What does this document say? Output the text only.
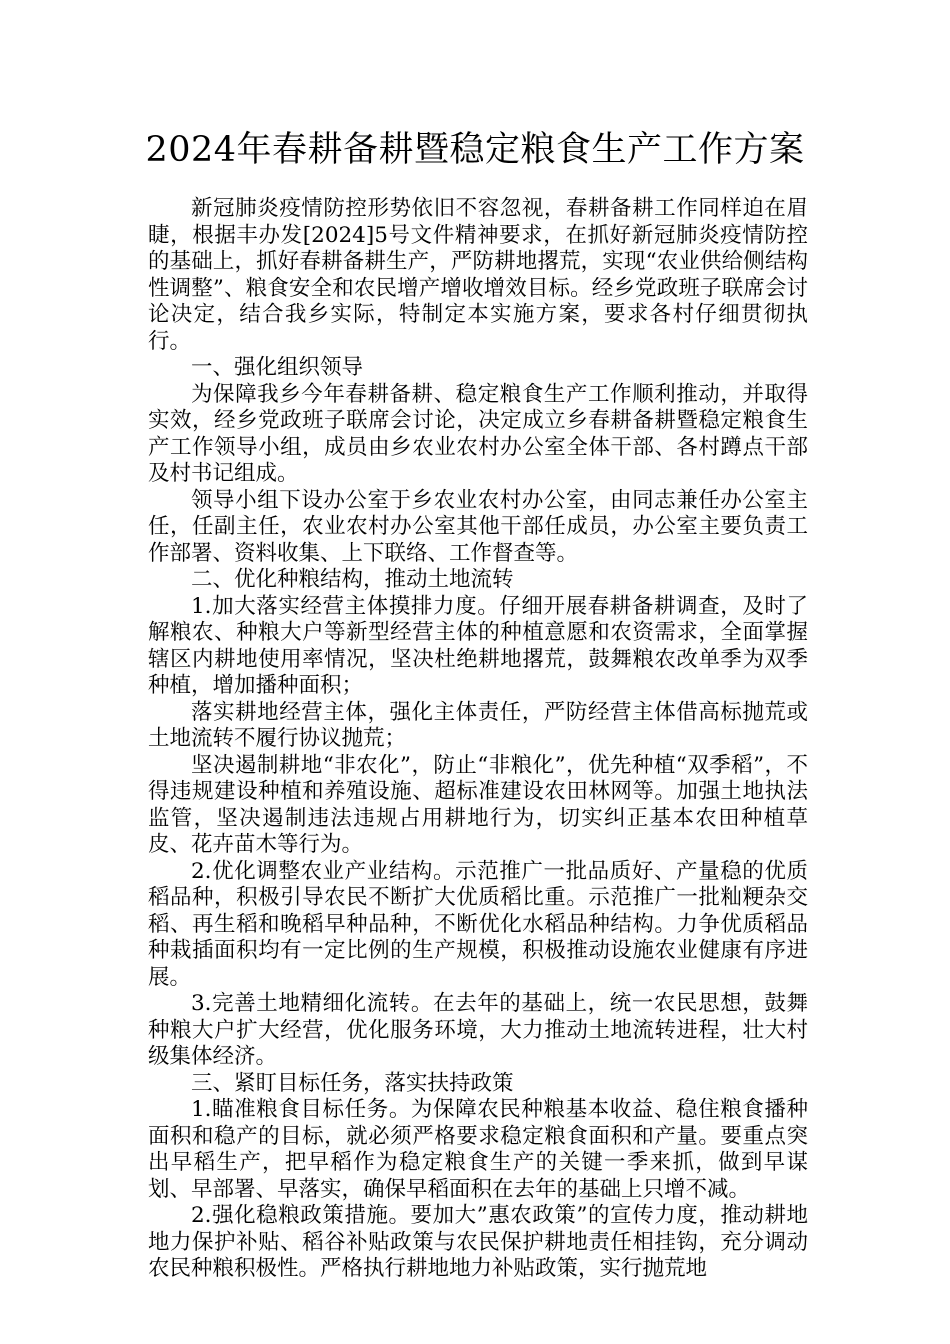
2024年春耕备耕暨稳定粮食生产工作方案

新冠肺炎疫情防控形势依旧不容忽视，春耕备耕工作同样迫在眉睫，根据丰办发[2024]5号文件精神要求，在抓好新冠肺炎疫情防控的基础上，抓好春耕备耕生产，严防耕地撂荒，实现“农业供给侧结构性调整”、粮食安全和农民增产增收增效目标。经乡党政班子联席会讨论决定，结合我乡实际，特制定本实施方案，要求各村仔细贯彻执行。

一、强化组织领导

为保障我乡今年春耕备耕、稳定粮食生产工作顺利推动，并取得实效，经乡党政班子联席会讨论，决定成立乡春耕备耕暨稳定粮食生产工作领导小组，成员由乡农业农村办公室全体干部、各村蹲点干部及村书记组成。

领导小组下设办公室于乡农业农村办公室，由同志兼任办公室主任，任副主任，农业农村办公室其他干部任成员，办公室主要负责工作部署、资料收集、上下联络、工作督查等。

二、优化种粮结构，推动土地流转

1.加大落实经营主体摸排力度。仔细开展春耕备耕调查，及时了解粮农、种粮大户等新型经营主体的种植意愿和农资需求，全面掌握辖区内耕地使用率情况，坚决杜绝耕地撂荒，鼓舞粮农改单季为双季种植，增加播种面积；

落实耕地经营主体，强化主体责任，严防经营主体借高标抛荒或土地流转不履行协议抛荒；

坚决遏制耕地“非农化”，防止“非粮化”，优先种植“双季稻”，不得违规建设种植和养殖设施、超标准建设农田林网等。加强土地执法监管，坚决遏制违法违规占用耕地行为，切实纠正基本农田种植草皮、花卉苗木等行为。

2.优化调整农业产业结构。示范推广一批品质好、产量稳的优质稻品种，积极引导农民不断扩大优质稻比重。示范推广一批籼粳杂交稻、再生稻和晚稻早种品种，不断优化水稻品种结构。力争优质稻品种栽插面积均有一定比例的生产规模，积极推动设施农业健康有序进展。

3.完善土地精细化流转。在去年的基础上，统一农民思想，鼓舞种粮大户扩大经营，优化服务环境，大力推动土地流转进程，壮大村级集体经济。

三、紧盯目标任务，落实扶持政策

1.瞄准粮食目标任务。为保障农民种粮基本收益、稳住粮食播种面积和稳产的目标，就必须严格要求稳定粮食面积和产量。要重点突出早稻生产，把早稻作为稳定粮食生产的关键一季来抓，做到早谋划、早部署、早落实，确保早稻面积在去年的基础上只增不减。

2.强化稳粮政策措施。要加大”惠农政策”的宣传力度，推动耕地地力保护补贴、稻谷补贴政策与农民保护耕地责任相挂钩，充分调动农民种粮积极性。严格执行耕地地力补贴政策，实行抛荒地
